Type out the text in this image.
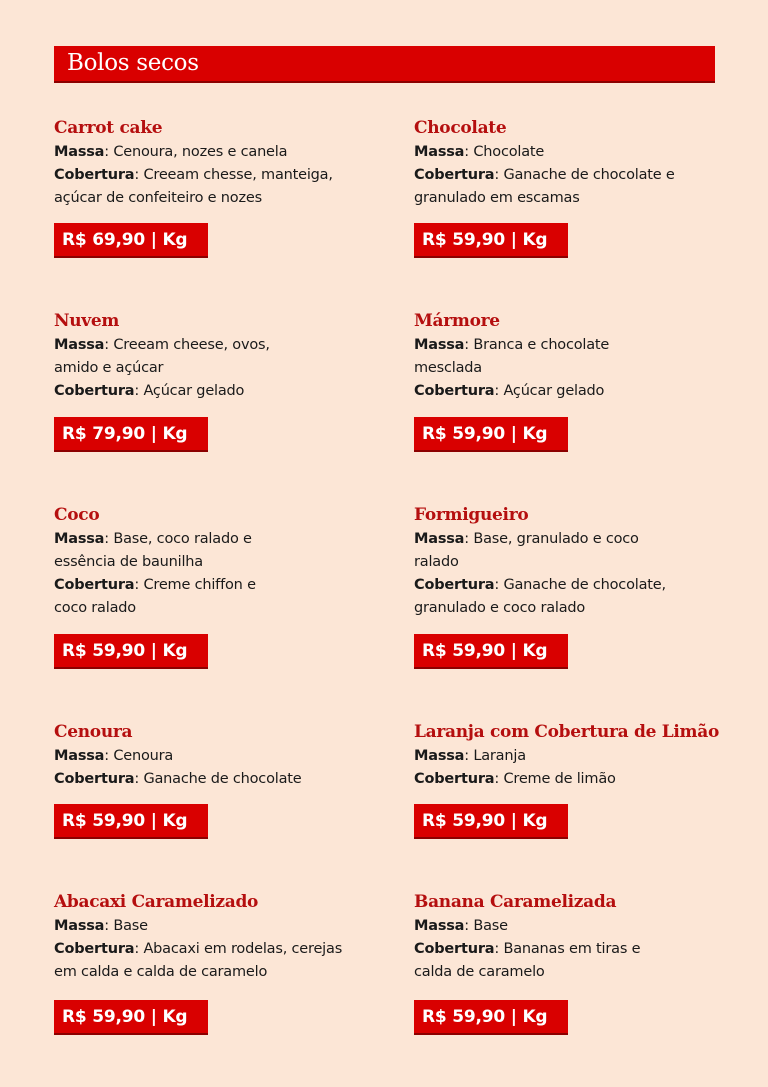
Bolos secos
Carrot cake
Massa: Cenoura, nozes e canela
Cobertura: Creeam chesse, manteiga, açúcar de confeiteiro e nozes
R$ 69,90 | Kg
Chocolate
Massa: Chocolate
Cobertura: Ganache de chocolate e granulado em escamas
R$ 59,90 | Kg
Nuvem
Massa: Creeam cheese, ovos, amido e açúcar
Cobertura: Açúcar gelado
R$ 79,90 | Kg
Mármore
Massa: Branca e chocolate mesclada
Cobertura: Açúcar gelado
R$ 59,90 | Kg
Coco
Massa: Base, coco ralado e essência de baunilha
Cobertura: Creme chiffon e coco ralado
R$ 59,90 | Kg
Formigueiro
Massa: Base, granulado e coco ralado
Cobertura: Ganache de chocolate, granulado e coco ralado
R$ 59,90 | Kg
Cenoura
Massa: Cenoura
Cobertura: Ganache de chocolate
R$ 59,90 | Kg
Laranja com Cobertura de Limão
Massa: Laranja
Cobertura: Creme de limão
R$ 59,90 | Kg
Abacaxi Caramelizado
Massa: Base
Cobertura: Abacaxi em rodelas, cerejas em calda e calda de caramelo
R$ 59,90 | Kg
Banana Caramelizada
Massa: Base
Cobertura: Bananas em tiras e calda de caramelo
R$ 59,90 | Kg
